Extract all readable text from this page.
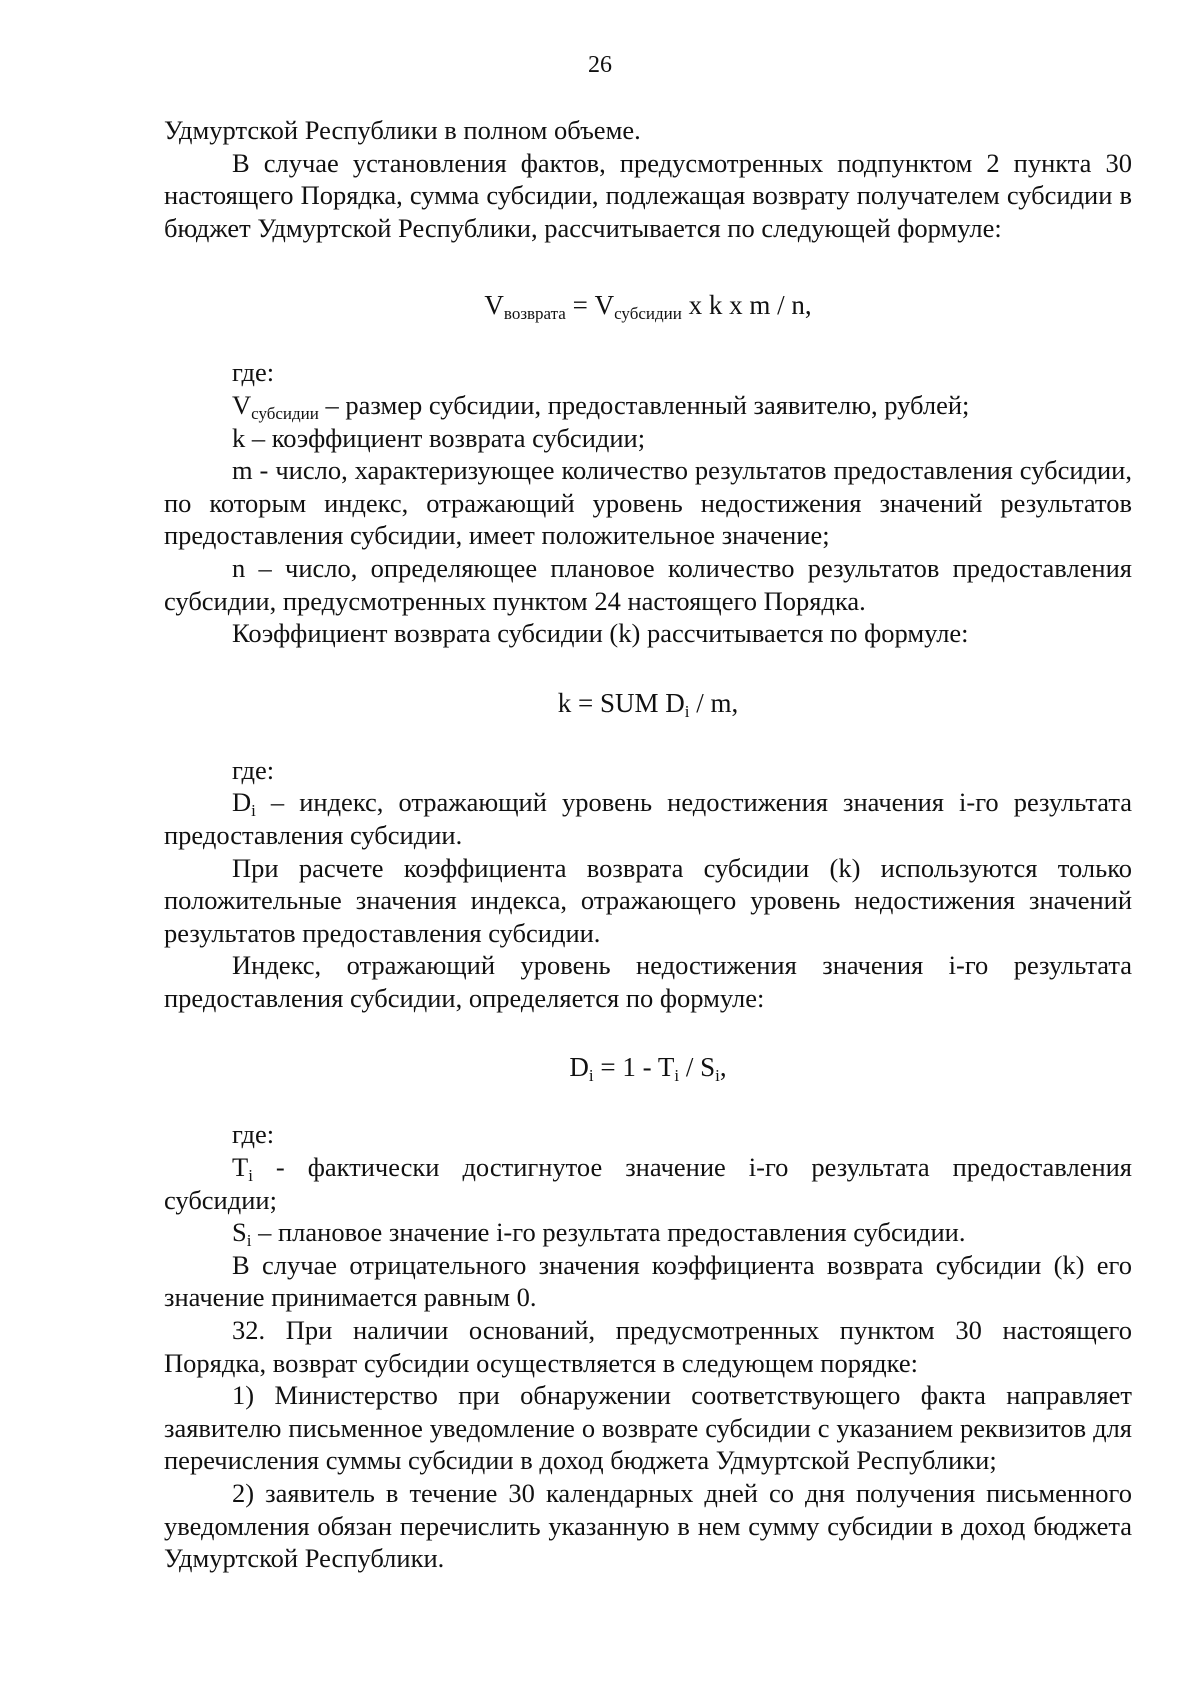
26

Удмуртской Республики в полном объеме.

В случае установления фактов, предусмотренных подпунктом 2 пункта 30 настоящего Порядка, сумма субсидии, подлежащая возврату получателем субсидии в бюджет Удмуртской Республики, рассчитывается по следующей формуле:

$V_{возврата} = V_{субсидии}$ x k x m / n,

где:

$V_{субсидии}$ – размер субсидии, предоставленный заявителю, рублей;

k – коэффициент возврата субсидии;

m - число, характеризующее количество результатов предоставления субсидии, по которым индекс, отражающий уровень недостижения значений результатов предоставления субсидии, имеет положительное значение;

n – число, определяющее плановое количество результатов предоставления субсидии, предусмотренных пунктом 24 настоящего Порядка.

Коэффициент возврата субсидии (k) рассчитывается по формуле:

k = SUM $D_i$ / m,

где:

$D_i$ – индекс, отражающий уровень недостижения значения i-го результата предоставления субсидии.

При расчете коэффициента возврата субсидии (k) используются только положительные значения индекса, отражающего уровень недостижения значений результатов предоставления субсидии.

Индекс, отражающий уровень недостижения значения i-го результата предоставления субсидии, определяется по формуле:

$D_i = 1 - T_i / S_i$,

где:

$T_i$ - фактически достигнутое значение i-го результата предоставления субсидии;

$S_i$ – плановое значение i-го результата предоставления субсидии.

В случае отрицательного значения коэффициента возврата субсидии (k) его значение принимается равным 0.

32. При наличии оснований, предусмотренных пунктом 30 настоящего Порядка, возврат субсидии осуществляется в следующем порядке:

1) Министерство при обнаружении соответствующего факта направляет заявителю письменное уведомление о возврате субсидии с указанием реквизитов для перечисления суммы субсидии в доход бюджета Удмуртской Республики;

2) заявитель в течение 30 календарных дней со дня получения письменного уведомления обязан перечислить указанную в нем сумму субсидии в доход бюджета Удмуртской Республики.
